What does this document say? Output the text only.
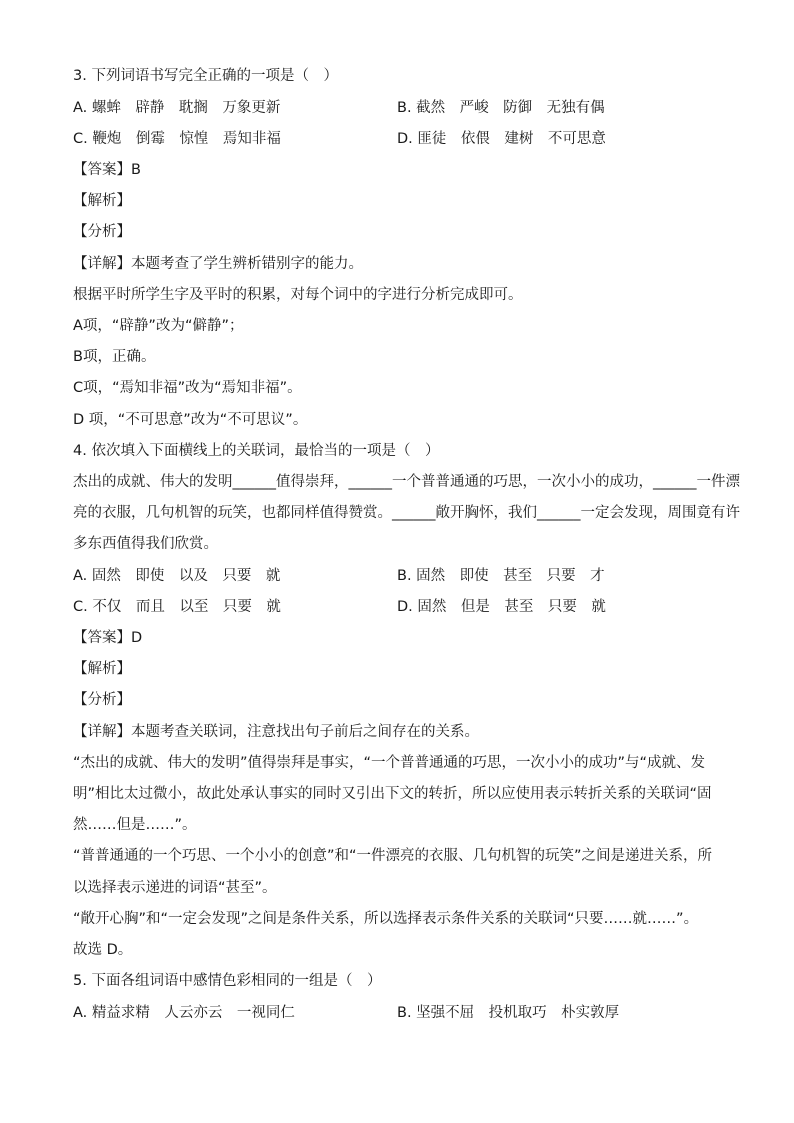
3. 下列词语书写完全正确的一项是（　）
A. 螺蛑　辟静　耽搁　万象更新	B. 截然　严峻　防御　无独有偶
C. 鞭炮　倒霉　惊惶　焉知非福	D. 匪徒　依偎　建树　不可思意
【答案】B
【解析】
【分析】
【详解】本题考查了学生辨析错别字的能力。
根据平时所学生字及平时的积累，对每个词中的字进行分析完成即可。
A项，“辟静”改为“僻静”；
B项，正确。
C项，“焉知非福”改为“焉知非福”。
D 项，“不可思意”改为“不可思议”。
4. 依次填入下面横线上的关联词，最恰当的一项是（　）
杰出的成就、伟大的发明______值得崇拜，______一个普普通通的巧思，一次小小的成功，______一件漂
亮的衣服，几句机智的玩笑，也都同样值得赞赏。______敞开胸怀，我们______一定会发现，周围竟有许
多东西值得我们欣赏。
A. 固然　即使　以及　只要　就	B. 固然　即使　甚至　只要　才
C. 不仅　而且　以至　只要　就	D. 固然　但是　甚至　只要　就
【答案】D
【解析】
【分析】
【详解】本题考查关联词，注意找出句子前后之间存在的关系。
“杰出的成就、伟大的发明”值得崇拜是事实，“一个普普通通的巧思，一次小小的成功”与“成就、发
明”相比太过微小，故此处承认事实的同时又引出下文的转折，所以应使用表示转折关系的关联词“固
然……但是……”。
“普普通通的一个巧思、一个小小的创意”和“一件漂亮的衣服、几句机智的玩笑”之间是递进关系，所
以选择表示递进的词语“甚至”。
“敞开心胸”和“一定会发现”之间是条件关系，所以选择表示条件关系的关联词“只要……就……”。
故选 D。
5. 下面各组词语中感情色彩相同的一组是（　）
A. 精益求精　人云亦云　一视同仁	B. 坚强不屈　投机取巧　朴实敦厚
